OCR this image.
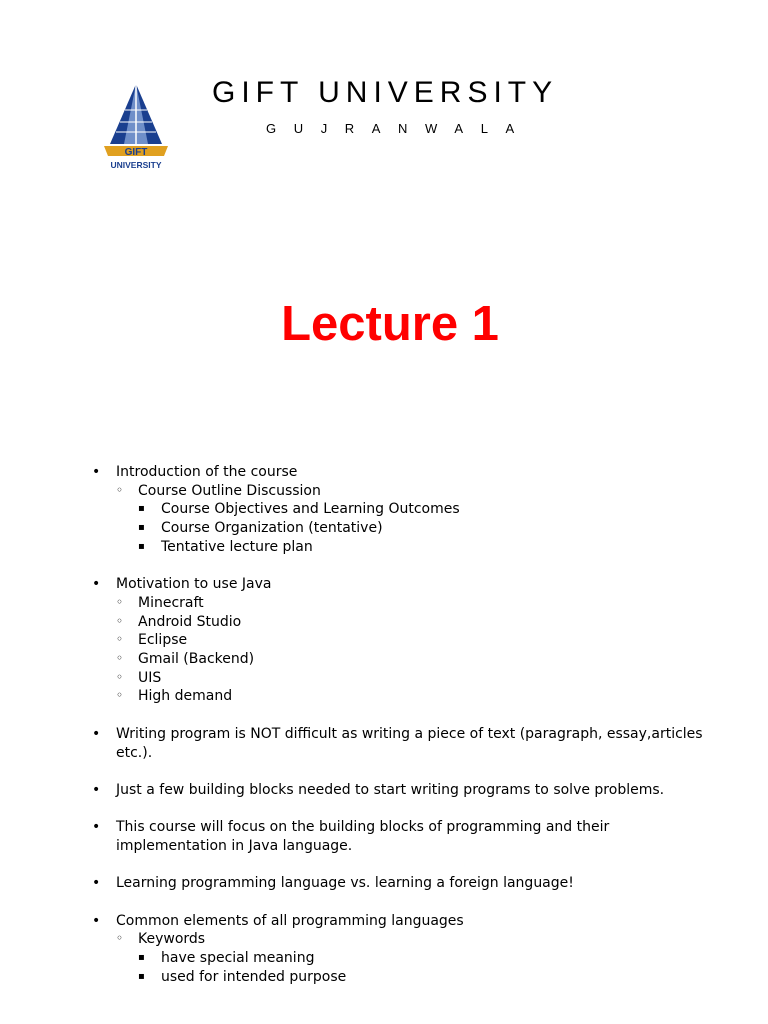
GIFT
UNIVERSITY
GIFT UNIVERSITY
GUJRANWALA
Lecture 1
• Introduction of the course
◦ Course Outline Discussion
▪ Course Objectives and Learning Outcomes
▪ Course Organization (tentative)
▪ Tentative lecture plan
• Motivation to use Java
◦ Minecraft
◦ Android Studio
◦ Eclipse
◦ Gmail (Backend)
◦ UIS
◦ High demand
• Writing program is NOT difficult as writing a piece of text (paragraph, essay,articles etc.).
• Just a few building blocks needed to start writing programs to solve problems.
• This course will focus on the building blocks of programming and their implementation in Java language.
• Learning programming language vs. learning a foreign language!
• Common elements of all programming languages
◦ Keywords
▪ have special meaning
▪ used for intended purpose
